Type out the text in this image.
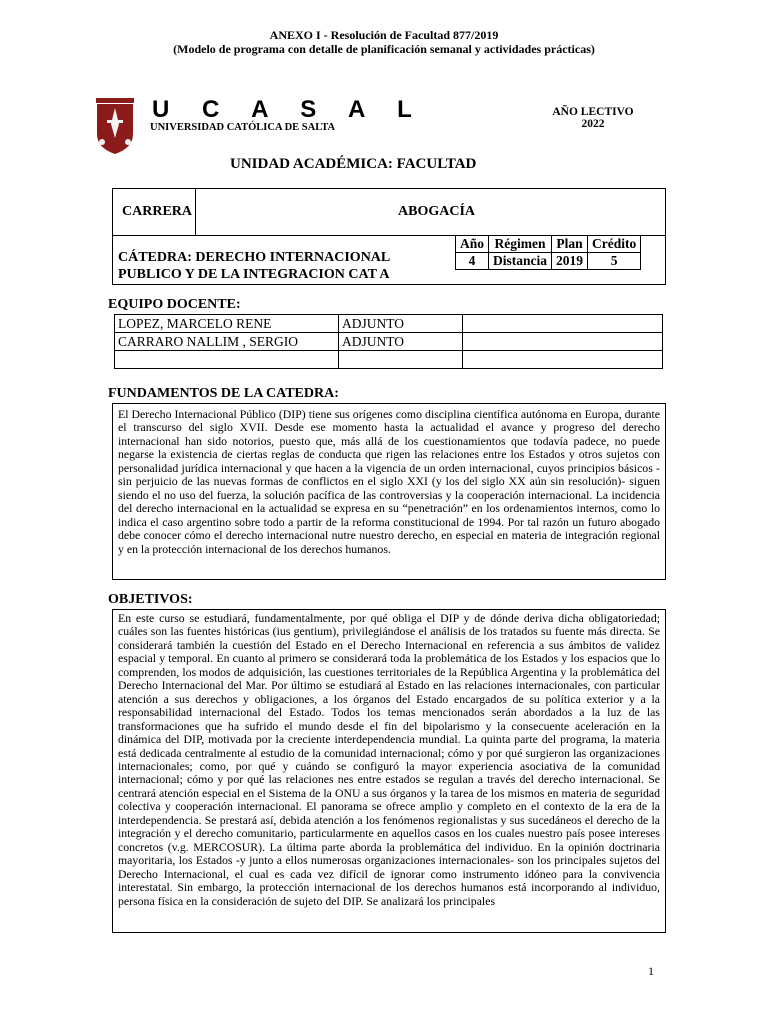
ANEXO I - Resolución de Facultad 877/2019
(Modelo de programa con detalle de planificación semanal y actividades prácticas)
U C A S A L
UNIVERSIDAD CATÓLICA DE SALTA
AÑO LECTIVO
2022
UNIDAD ACADÉMICA: FACULTAD
CARRERA	ABOGACÍA
CÁTEDRA: DERECHO INTERNACIONAL
PUBLICO Y DE LA INTEGRACION CAT A
Año	Régimen	Plan	Crédito
4	Distancia	2019	5
EQUIPO DOCENTE:
LOPEZ, MARCELO RENE	ADJUNTO	
CARRARO NALLIM , SERGIO	ADJUNTO	

FUNDAMENTOS DE LA CATEDRA:
El Derecho Internacional Público (DIP) tiene sus orígenes como disciplina científica autónoma en Europa, durante el transcurso del siglo XVII. Desde ese momento hasta la actualidad el avance y progreso del derecho internacional han sido notorios, puesto que, más allá de los cuestionamientos que todavía padece, no puede negarse la existencia de ciertas reglas de conducta que rigen las relaciones entre los Estados y otros sujetos con personalidad jurídica internacional y que hacen a la vigencia de un orden internacional, cuyos principios básicos -sin perjuicio de las nuevas formas de conflictos en el siglo XXI (y los del siglo XX aún sin resolución)- siguen siendo el no uso del fuerza, la solución pacífica de las controversias y la cooperación internacional. La incidencia del derecho internacional en la actualidad se expresa en su “penetración” en los ordenamientos internos, como lo indica el caso argentino sobre todo a partir de la reforma constitucional de 1994. Por tal razón un futuro abogado debe conocer cómo el derecho internacional nutre nuestro derecho, en especial en materia de integración regional y en la protección internacional de los derechos humanos.
OBJETIVOS:
En este curso se estudiará, fundamentalmente, por qué obliga el DIP y de dónde deriva dicha obligatoriedad; cuáles son las fuentes históricas (ius gentium), privilegiándose el análisis de los tratados su fuente más directa. Se considerará también la cuestión del Estado en el Derecho Internacional en referencia a sus ámbitos de validez espacial y temporal. En cuanto al primero se considerará toda la problemática de los Estados y los espacios que lo comprenden, los modos de adquisición, las cuestiones territoriales de la República Argentina y la problemática del Derecho Internacional del Mar. Por último se estudiará al Estado en las relaciones internacionales, con particular atención a sus derechos y obligaciones, a los órganos del Estado encargados de su política exterior y a la responsabilidad internacional del Estado. Todos los temas mencionados serán abordados a la luz de las transformaciones que ha sufrido el mundo desde el fin del bipolarismo y la consecuente aceleración en la dinámica del DIP, motivada por la creciente interdependencia mundial. La quinta parte del programa, la materia está dedicada centralmente al estudio de la comunidad internacional; cómo y por qué surgieron las organizaciones internacionales; como, por qué y cuándo se configuró la mayor experiencia asociativa de la comunidad internacional; cómo y por qué las relaciones nes entre estados se regulan a través del derecho internacional. Se centrará atención especial en el Sistema de la ONU a sus órganos y la tarea de los mismos en materia de seguridad colectiva y cooperación internacional. El panorama se ofrece amplio y completo en el contexto de la era de la interdependencia. Se prestará así, debida atención a los fenómenos regionalistas y sus sucedáneos el derecho de la integración y el derecho comunitario, particularmente en aquellos casos en los cuales nuestro país posee intereses concretos (v.g. MERCOSUR). La última parte aborda la problemática del individuo. En la opinión doctrinaria mayoritaria, los Estados -y junto a ellos numerosas organizaciones internacionales- son los principales sujetos del Derecho Internacional, el cual es cada vez difícil de ignorar como instrumento idóneo para la convivencia interestatal. Sin embargo, la protección internacional de los derechos humanos está incorporando al individuo, persona física en la consideración de sujeto del DIP. Se analizará los principales
1
